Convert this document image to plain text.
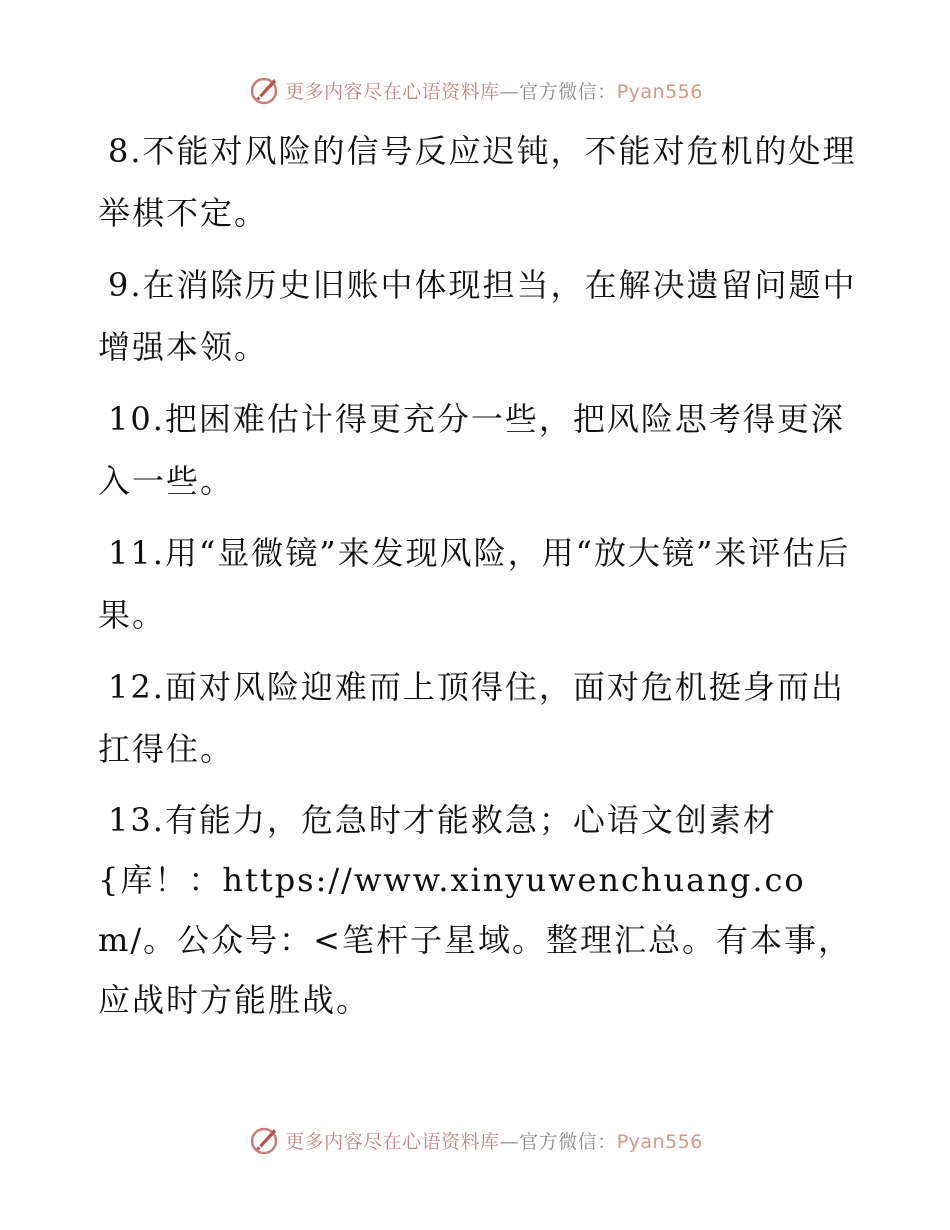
更多内容尽在心语资料库—官方微信：Pyan556

8.不能对风险的信号反应迟钝，不能对危机的处理举棋不定。

9.在消除历史旧账中体现担当，在解决遗留问题中增强本领。

10.把困难估计得更充分一些，把风险思考得更深入一些。

11.用“显微镜”来发现风险，用“放大镜”来评估后果。

12.面对风险迎难而上顶得住，面对危机挺身而出扛得住。

13.有能力，危急时才能救急；心语文创素材{库！：https://www.xinyuwenchuang.com/。公众号：<笔杆子星域。整理汇总。有本事，应战时方能胜战。

更多内容尽在心语资料库—官方微信：Pyan556
